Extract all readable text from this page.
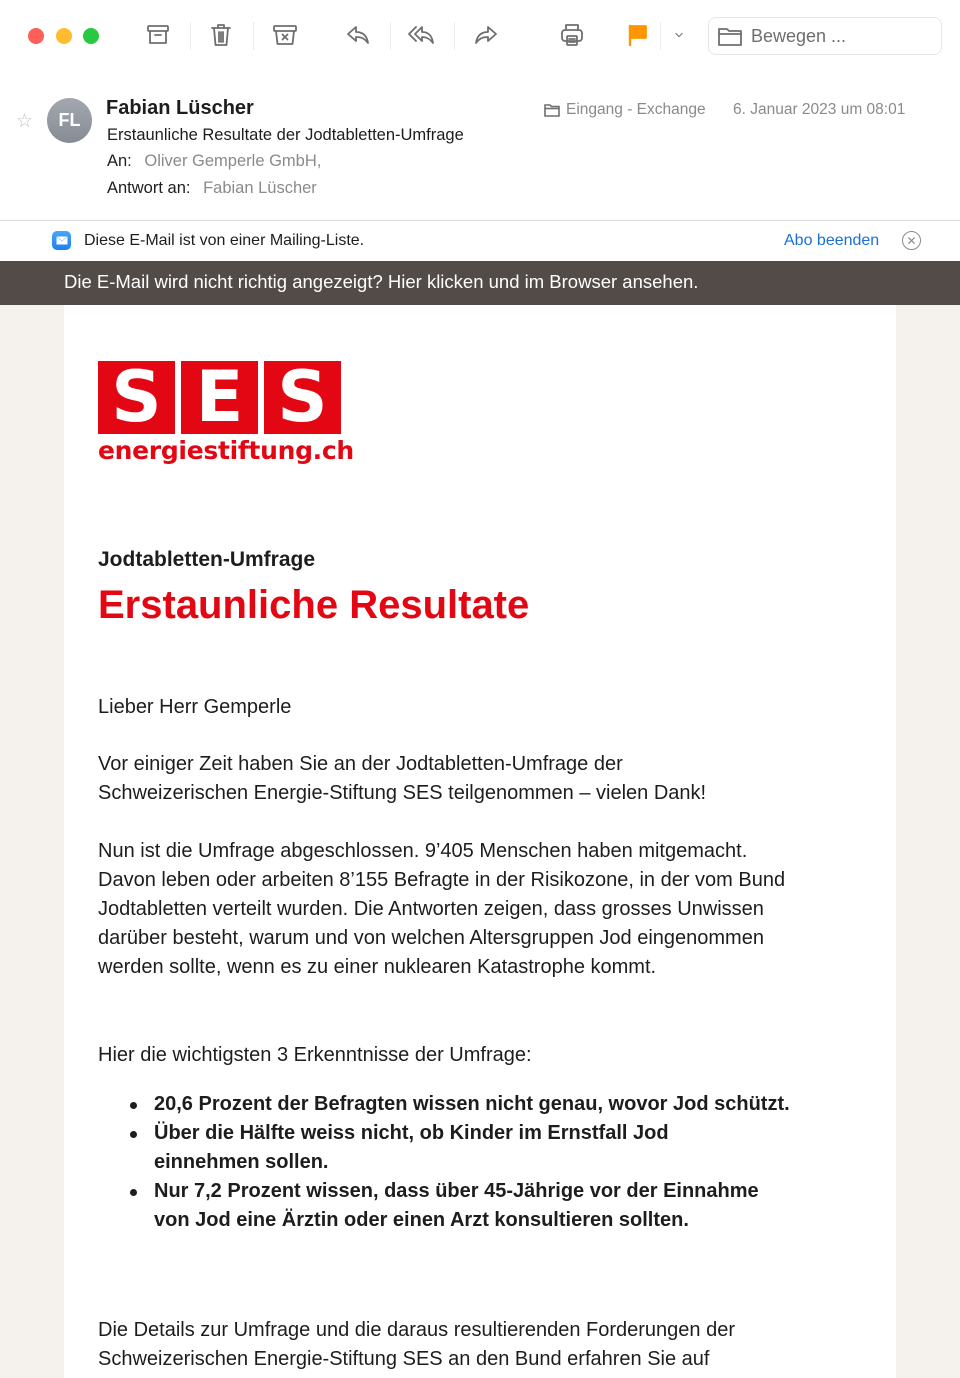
Bewegen ...
☆	FL
Fabian Lüscher
Erstaunliche Resultate der Jodtabletten-Umfrage
An: Oliver Gemperle GmbH,
Antwort an: Fabian Lüscher
Eingang - Exchange 6. Januar 2023 um 08:01
Diese E-Mail ist von einer Mailing-Liste.	Abo beenden	✕
Die E-Mail wird nicht richtig angezeigt? Hier klicken und im Browser ansehen.
S E S
energiestiftung.ch
Jodtabletten-Umfrage
Erstaunliche Resultate
Lieber Herr Gemperle
Vor einiger Zeit haben Sie an der Jodtabletten-Umfrage der Schweizerischen Energie-Stiftung SES teilgenommen – vielen Dank!
Nun ist die Umfrage abgeschlossen. 9’405 Menschen haben mitgemacht. Davon leben oder arbeiten 8’155 Befragte in der Risikozone, in der vom Bund Jodtabletten verteilt wurden. Die Antworten zeigen, dass grosses Unwissen darüber besteht, warum und von welchen Altersgruppen Jod eingenommen werden sollte, wenn es zu einer nuklearen Katastrophe kommt.
Hier die wichtigsten 3 Erkenntnisse der Umfrage:
20,6 Prozent der Befragten wissen nicht genau, wovor Jod schützt.
Über die Hälfte weiss nicht, ob Kinder im Ernstfall Jod einnehmen sollen.
Nur 7,2 Prozent wissen, dass über 45-Jährige vor der Einnahme von Jod eine Ärztin oder einen Arzt konsultieren sollten.
Die Details zur Umfrage und die daraus resultierenden Forderungen der Schweizerischen Energie-Stiftung SES an den Bund erfahren Sie auf
